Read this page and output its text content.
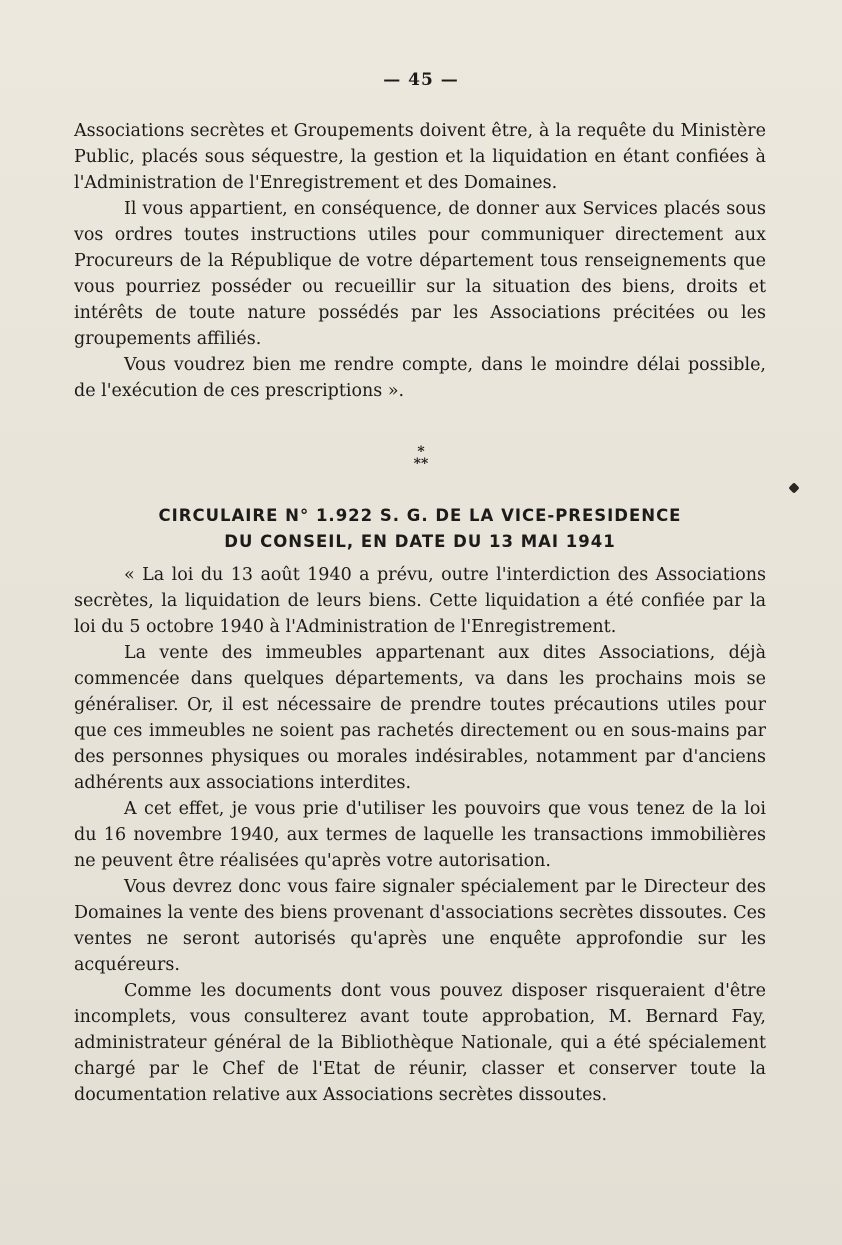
— 45 —

Associations secrètes et Groupements doivent être, à la requête du Ministère Public, placés sous séquestre, la gestion et la liquidation en étant confiées à l'Administration de l'Enregistrement et des Domaines.

Il vous appartient, en conséquence, de donner aux Services placés sous vos ordres toutes instructions utiles pour communiquer directement aux Procureurs de la République de votre département tous renseignements que vous pourriez posséder ou recueillir sur la situation des biens, droits et intérêts de toute nature possédés par les Associations précitées ou les groupements affiliés.

Vous voudrez bien me rendre compte, dans le moindre délai possible, de l'exécution de ces prescriptions ».

*
**
CIRCULAIRE N° 1.922 S. G. DE LA VICE-PRESIDENCE
DU CONSEIL, EN DATE DU 13 MAI 1941

« La loi du 13 août 1940 a prévu, outre l'interdiction des Associations secrètes, la liquidation de leurs biens. Cette liquidation a été confiée par la loi du 5 octobre 1940 à l'Administration de l'Enregistrement.

La vente des immeubles appartenant aux dites Associations, déjà commencée dans quelques départements, va dans les prochains mois se généraliser. Or, il est nécessaire de prendre toutes précautions utiles pour que ces immeubles ne soient pas rachetés directement ou en sous-mains par des personnes physiques ou morales indésirables, notamment par d'anciens adhérents aux associations interdites.

A cet effet, je vous prie d'utiliser les pouvoirs que vous tenez de la loi du 16 novembre 1940, aux termes de laquelle les transactions immobilières ne peuvent être réalisées qu'après votre autorisation.

Vous devrez donc vous faire signaler spécialement par le Directeur des Domaines la vente des biens provenant d'associations secrètes dissoutes. Ces ventes ne seront autorisés qu'après une enquête approfondie sur les acquéreurs.

Comme les documents dont vous pouvez disposer risqueraient d'être incomplets, vous consulterez avant toute approbation, M. Bernard Fay, administrateur général de la Bibliothèque Nationale, qui a été spécialement chargé par le Chef de l'Etat de réunir, classer et conserver toute la documentation relative aux Associations secrètes dissoutes.
